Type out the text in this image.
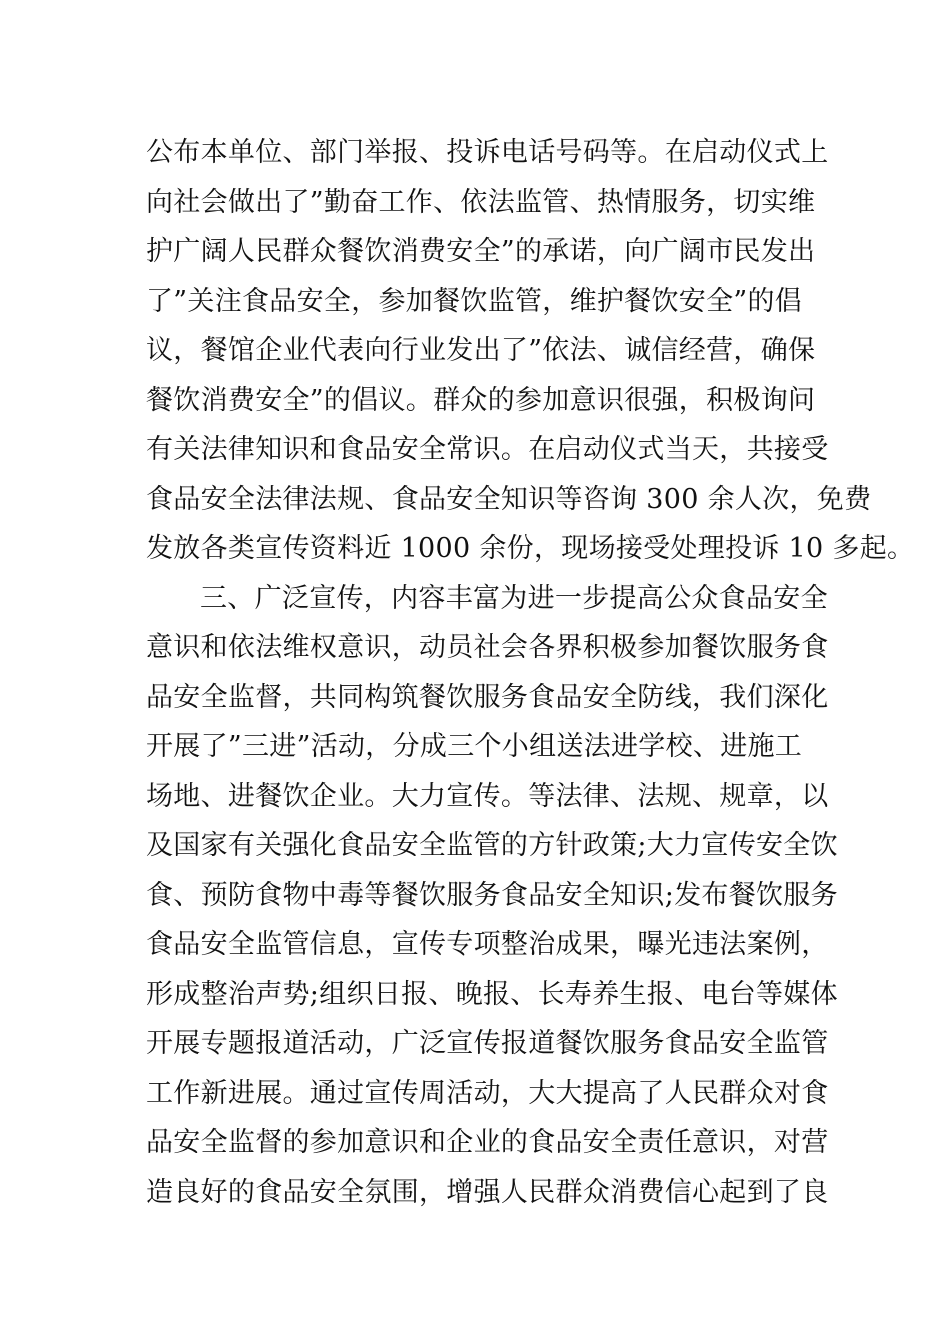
公布本单位、部门举报、投诉电话号码等。在启动仪式上
向社会做出了”勤奋工作、依法监管、热情服务，切实维
护广阔人民群众餐饮消费安全”的承诺，向广阔市民发出
了”关注食品安全，参加餐饮监管，维护餐饮安全”的倡
议，餐馆企业代表向行业发出了”依法、诚信经营，确保
餐饮消费安全”的倡议。群众的参加意识很强，积极询问
有关法律知识和食品安全常识。在启动仪式当天，共接受
食品安全法律法规、食品安全知识等咨询 300 余人次，免费
发放各类宣传资料近 1000 余份，现场接受处理投诉 10 多起。
三、广泛宣传，内容丰富为进一步提高公众食品安全
意识和依法维权意识，动员社会各界积极参加餐饮服务食
品安全监督，共同构筑餐饮服务食品安全防线，我们深化
开展了”三进”活动，分成三个小组送法进学校、进施工
场地、进餐饮企业。大力宣传。等法律、法规、规章，以
及国家有关强化食品安全监管的方针政策;大力宣传安全饮
食、预防食物中毒等餐饮服务食品安全知识;发布餐饮服务
食品安全监管信息，宣传专项整治成果，曝光违法案例，
形成整治声势;组织日报、晚报、长寿养生报、电台等媒体
开展专题报道活动，广泛宣传报道餐饮服务食品安全监管
工作新进展。通过宣传周活动，大大提高了人民群众对食
品安全监督的参加意识和企业的食品安全责任意识，对营
造良好的食品安全氛围，增强人民群众消费信心起到了良
